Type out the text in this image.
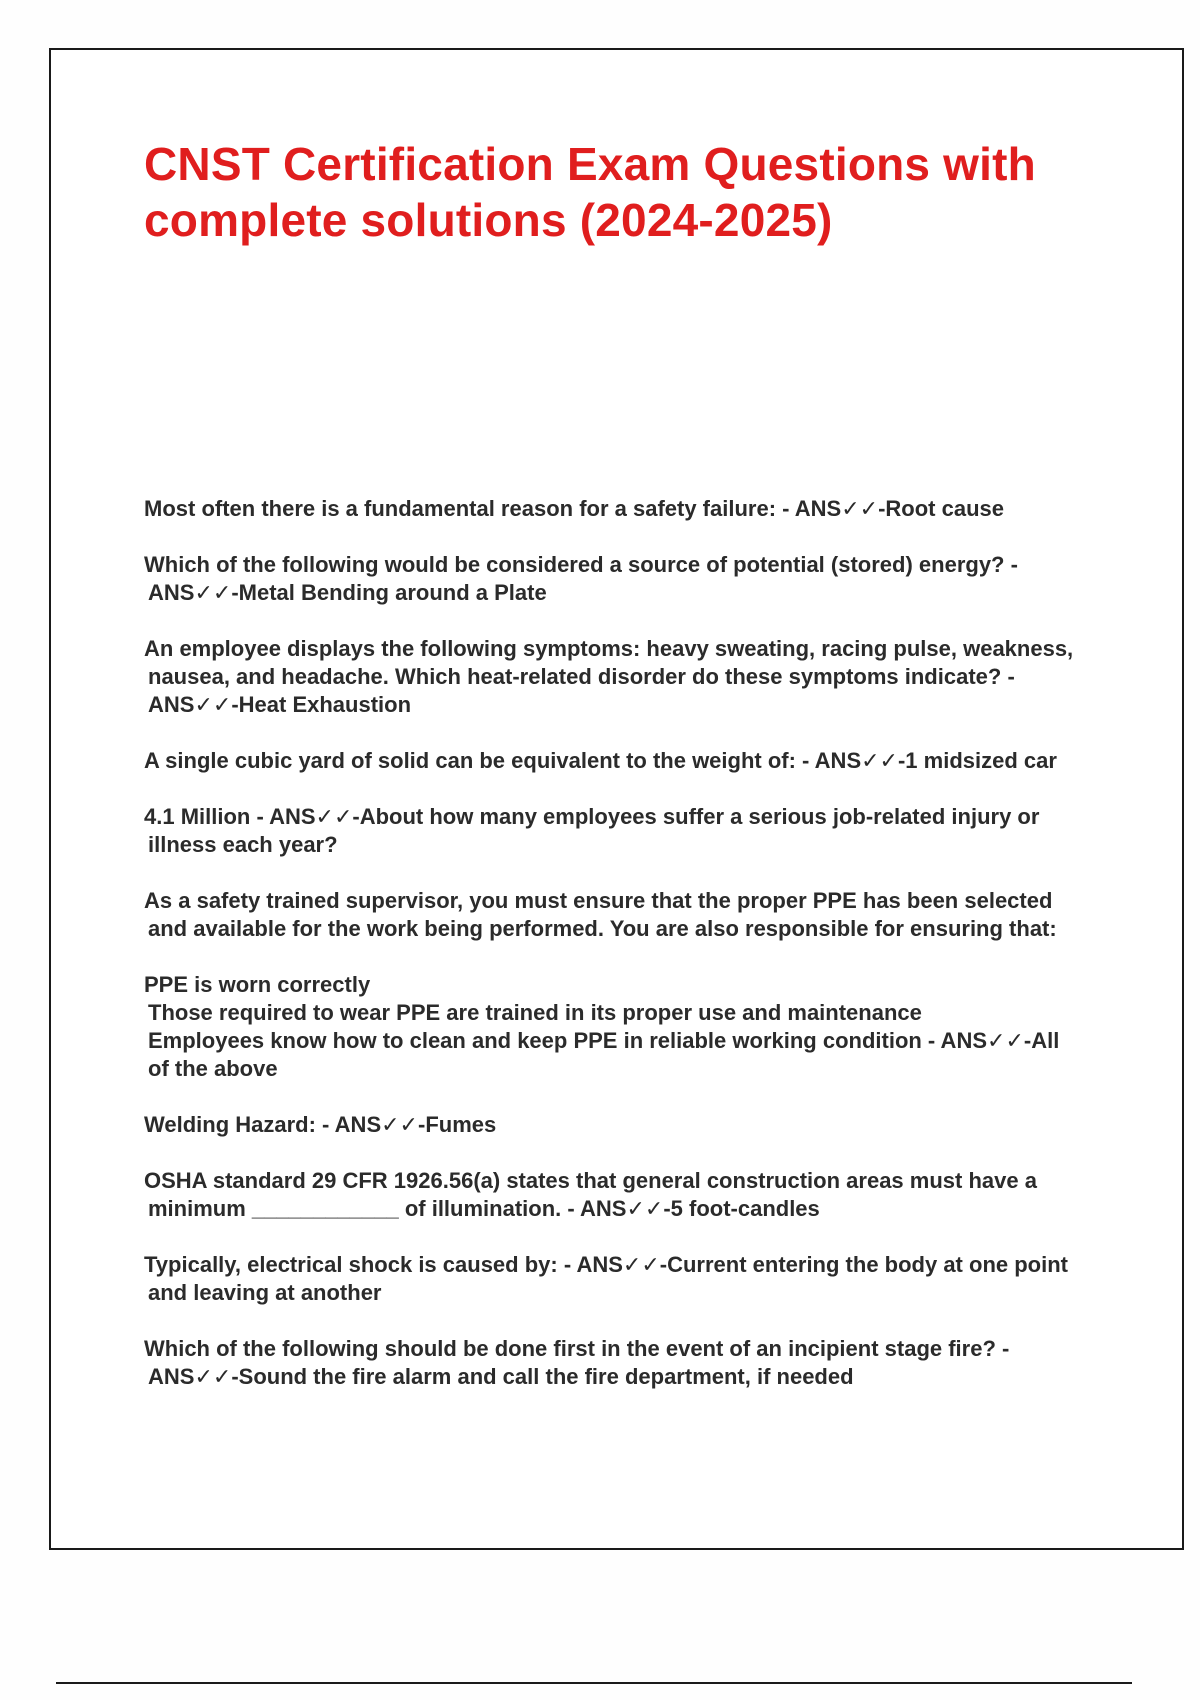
CNST Certification Exam Questions with complete solutions (2024-2025)

Most often there is a fundamental reason for a safety failure: - ANS✓✓-Root cause

Which of the following would be considered a source of potential (stored) energy? - ANS✓✓-Metal Bending around a Plate

An employee displays the following symptoms: heavy sweating, racing pulse, weakness, nausea, and headache. Which heat-related disorder do these symptoms indicate? - ANS✓✓-Heat Exhaustion

A single cubic yard of solid can be equivalent to the weight of: - ANS✓✓-1 midsized car

4.1 Million - ANS✓✓-About how many employees suffer a serious job-related injury or illness each year?

As a safety trained supervisor, you must ensure that the proper PPE has been selected and available for the work being performed. You are also responsible for ensuring that:

PPE is worn correctly
Those required to wear PPE are trained in its proper use and maintenance
Employees know how to clean and keep PPE in reliable working condition - ANS✓✓-All of the above

Welding Hazard: - ANS✓✓-Fumes

OSHA standard 29 CFR 1926.56(a) states that general construction areas must have a minimum ____________ of illumination. - ANS✓✓-5 foot-candles

Typically, electrical shock is caused by: - ANS✓✓-Current entering the body at one point and leaving at another

Which of the following should be done first in the event of an incipient stage fire? - ANS✓✓-Sound the fire alarm and call the fire department, if needed
